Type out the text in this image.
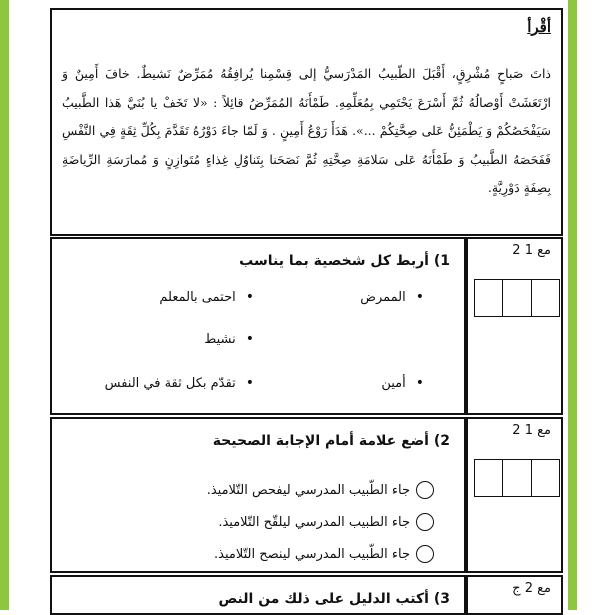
أقْرأ
ذاتَ صَباحٍ مُشْرِقٍ، أَقْبَلَ الطّبيبُ المَدْرَسيُّ إلى قِسْمِنا يُرافِقُهُ مُمَرِّضٌ نَشيطٌ. خافَ أَمِينٌ وَ ارْتَعَشَتْ أَوْصالُهُ ثُمَّ أَسْرَعَ يَحْتَمِي بِمُعَلِّمِهِ. طَمْأَنَهُ المُمَرِّضُ قائِلاً : «لا تَخَفْ يا بُنَيَّ هَذا الطَّبيبُ سَيَفْحَصُكُمْ وَ يَطْمَئِنُّ عَلى صِحَّتِكُمْ ...». هَدَأَ رَوْعُ أَمِينٍ . وَ لَمّا جاءَ دَوْرُهُ تَقَدَّمَ بِكُلِّ ثِقَةٍ فِي النَّفْسِ فَفَحَصَهُ الطَّبيبُ وَ طَمْأَنَهُ عَلى سَلامَةِ صِحَّتِهِ ثُمَّ نَصَحَنا بِتَناوُلِ غِذاءٍ مُتَوازِنٍ وَ مُمارَسَةِ الرِّياضَةِ بِصِفَةٍ دَوْرِيَّةٍ.
1) أربط كل شخصية بما يناسب
•الممرض
•أمين
•احتمى بالمعلم
•نشيط
•تقدّم بكل ثقة في النفس
مع 1 2
2) أضع علامة أمام الإجابة الصحيحة
جاء الطّبيب المدرسي ليفحص التّلاميذ.
جاء الطبيب المدرسي ليلقّح التّلاميذ.
جاء الطّبيب المدرسي لينصح التّلاميذ.
مع 1 2
3) أكتب الدليل على ذلك من النص
مع 2 ج
